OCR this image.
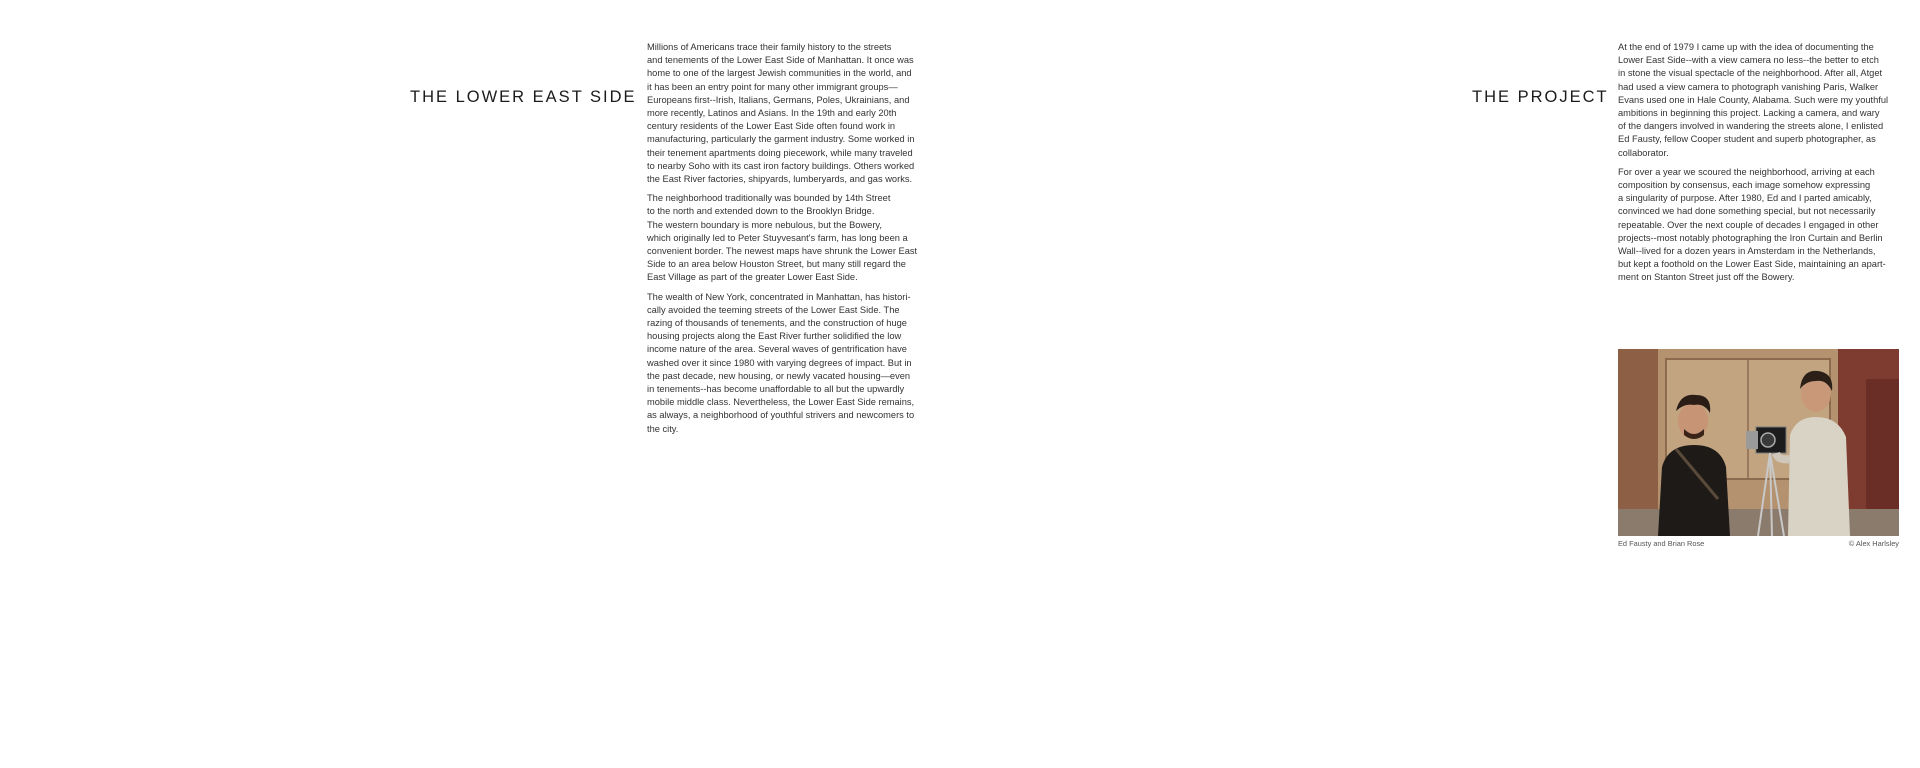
THE LOWER EAST SIDE

Millions of Americans trace their family history to the streets
and tenements of the Lower East Side of Manhattan. It once was
home to one of the largest Jewish communities in the world, and
it has been an entry point for many other immigrant groups—
Europeans first--Irish, Italians, Germans, Poles, Ukrainians, and
more recently, Latinos and Asians. In the 19th and early 20th
century residents of the Lower East Side often found work in
manufacturing, particularly the garment industry. Some worked in
their tenement apartments doing piecework, while many traveled
to nearby Soho with its cast iron factory buildings. Others worked
the East River factories, shipyards, lumberyards, and gas works.

The neighborhood traditionally was bounded by 14th Street
to the north and extended down to the Brooklyn Bridge.
The western boundary is more nebulous, but the Bowery,
which originally led to Peter Stuyvesant's farm, has long been a
convenient border. The newest maps have shrunk the Lower East
Side to an area below Houston Street, but many still regard the
East Village as part of the greater Lower East Side.

The wealth of New York, concentrated in Manhattan, has histori-
cally avoided the teeming streets of the Lower East Side. The
razing of thousands of tenements, and the construction of huge
housing projects along the East River further solidified the low
income nature of the area. Several waves of gentrification have
washed over it since 1980 with varying degrees of impact. But in
the past decade, new housing, or newly vacated housing—even
in tenements--has become unaffordable to all but the upwardly
mobile middle class. Nevertheless, the Lower East Side remains,
as always, a neighborhood of youthful strivers and newcomers to
the city.

THE PROJECT

At the end of 1979 I came up with the idea of documenting the
Lower East Side--with a view camera no less--the better to etch
in stone the visual spectacle of the neighborhood. After all, Atget
had used a view camera to photograph vanishing Paris, Walker
Evans used one in Hale County, Alabama. Such were my youthful
ambitions in beginning this project. Lacking a camera, and wary
of the dangers involved in wandering the streets alone, I enlisted
Ed Fausty, fellow Cooper student and superb photographer, as
collaborator.

For over a year we scoured the neighborhood, arriving at each
composition by consensus, each image somehow expressing
a singularity of purpose. After 1980, Ed and I parted amicably,
convinced we had done something special, but not necessarily
repeatable. Over the next couple of decades I engaged in other
projects--most notably photographing the Iron Curtain and Berlin
Wall--lived for a dozen years in Amsterdam in the Netherlands,
but kept a foothold on the Lower East Side, maintaining an apart-
ment on Stanton Street just off the Bowery.

Ed Fausty and Brian Rose	© Alex Harlsley
